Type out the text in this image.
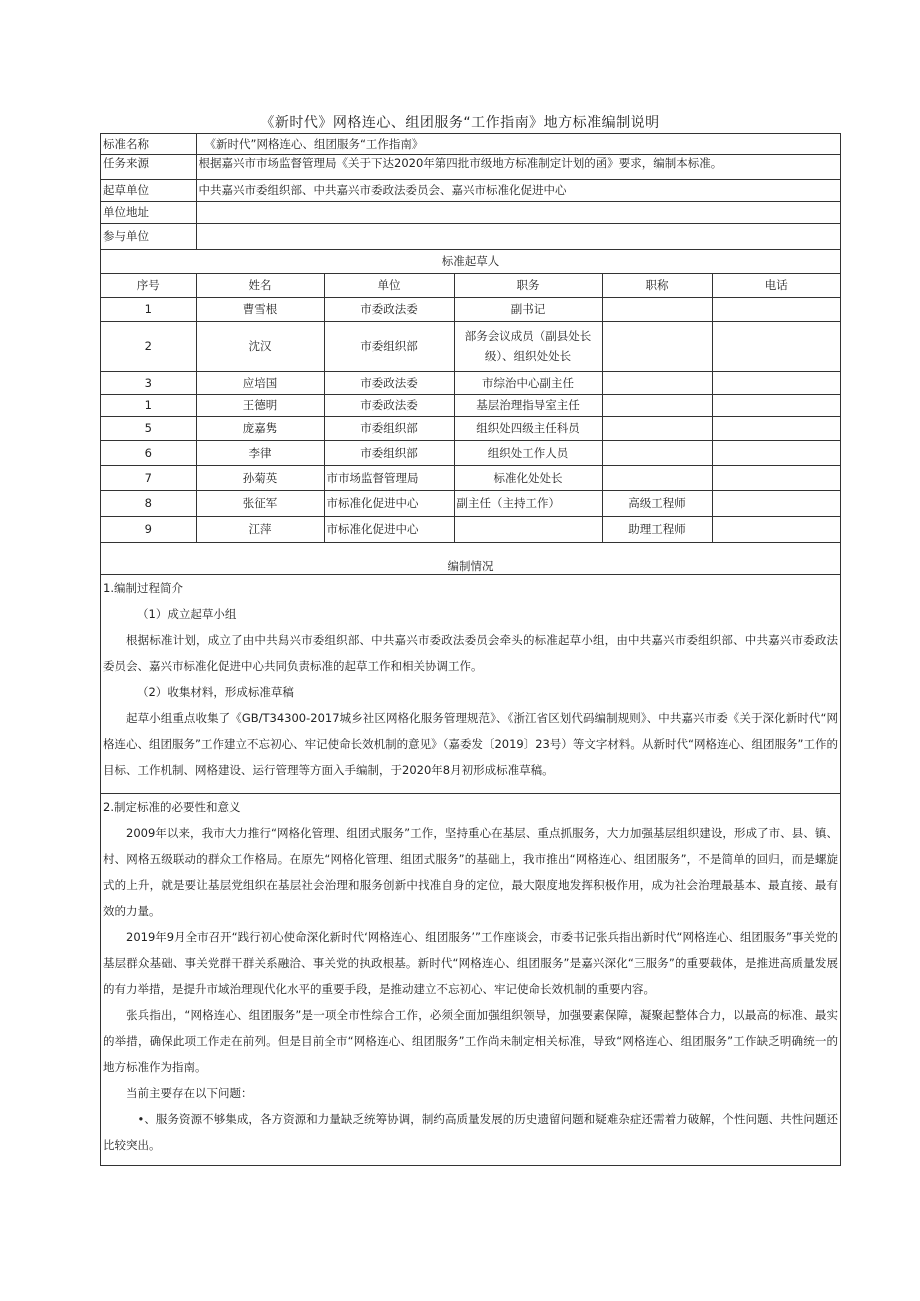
《新时代》网格连心、组团服务“工作指南》地方标准编制说明
标准名称	《新时代”网格连心、组团服务“工作指南》				
任务来源	根据嘉兴市市场监督管理局《关于下达2020年第四批市级地方标准制定计划的函》要求，编制本标准。				
起草单位	中共嘉兴市委组织部、中共嘉兴市委政法委员会、嘉兴市标准化促进中心				
单位地址					
参与单位					
标准起草人					
序号	姓名	单位	职务	职称	电话
1	曹雪根	市委政法委	副书记		
2	沈汉	市委组织部	部务会议成员（副县处长级）、组织处处长		
3	应培国	市委政法委	市综治中心副主任		
1	王德明	市委政法委	基层治理指导室主任		
5	庞嘉隽	市委组织部	组织处四级主任科员		
6	李律	市委组织部	组织处工作人员		
7	孙菊英	市市场监督管理局	标准化处处长		
8	张征军	市标准化促进中心	副主任（主持工作）	高级工程师	
9	江萍	市标准化促进中心		助理工程师	
编制情况					

1.编制过程简介

（1）成立起草小组

根据标准计划，成立了由中共舄兴市委组织部、中共嘉兴市委政法委员会牵头的标准起草小组，由中共嘉兴市委组织部、中共嘉兴市委政法委员会、嘉兴市标准化促进中心共同负责标准的起草工作和相关协调工作。

（2）收集材料，形成标准草稿

起草小组重点收集了《GB/T34300-2017城乡社区网格化服务管理规范》、《浙江省区划代码编制规则》、中共嘉兴市委《关于深化新时代“网格连心、组团服务”工作建立不忘初心、牢记使命长效机制的意见》（嘉委发〔2019〕23号）等文字材料。从新时代“网格连心、组团服务”工作的目标、工作机制、网格建设、运行管理等方面入手编制，于2020年8月初形成标准草稿。

2.制定标准的必要性和意义

2009年以来，我市大力推行“网格化管理、组团式服务”工作，坚持重心在基层、重点抓服务，大力加强基层组织建设，形成了市、县、镇、村、网格五级联动的群众工作格局。在原先“网格化管理、组团式服务”的基础上，我市推出“网格连心、组团服务”，不是简单的回归，而是螺旋式的上升，就是要让基层党组织在基层社会治理和服务创新中找准自身的定位，最大限度地发挥积极作用，成为社会治理最基本、最直接、最有效的力量。

2019年9月全市召开“践行初心使命深化新时代‘网格连心、组团服务’”工作座谈会，市委书记张兵指出新时代“网格连心、组团服务”事关党的基层群众基础、事关党群干群关系融洽、事关党的执政根基。新时代“网格连心、组团服务”是嘉兴深化“三服务”的重要载体，是推进高质量发展的有力举措，是提升市域治理现代化水平的重要手段，是推动建立不忘初心、牢记使命长效机制的重要内容。

张兵指出，“网格连心、组团服务”是一项全市性综合工作，必须全面加强组织领导，加强要素保障，凝聚起整体合力，以最高的标准、最实的举措，确保此项工作走在前列。但是目前全市“网格连心、组团服务”工作尚未制定相关标准，导致“网格连心、组团服务”工作缺乏明确统一的地方标准作为指南。

当前主要存在以下问题：

•、服务资源不够集成，各方资源和力量缺乏统筹协调，制约高质量发展的历史遗留问题和疑难杂症还需着力破解，个性问题、共性问题还比较突出。
